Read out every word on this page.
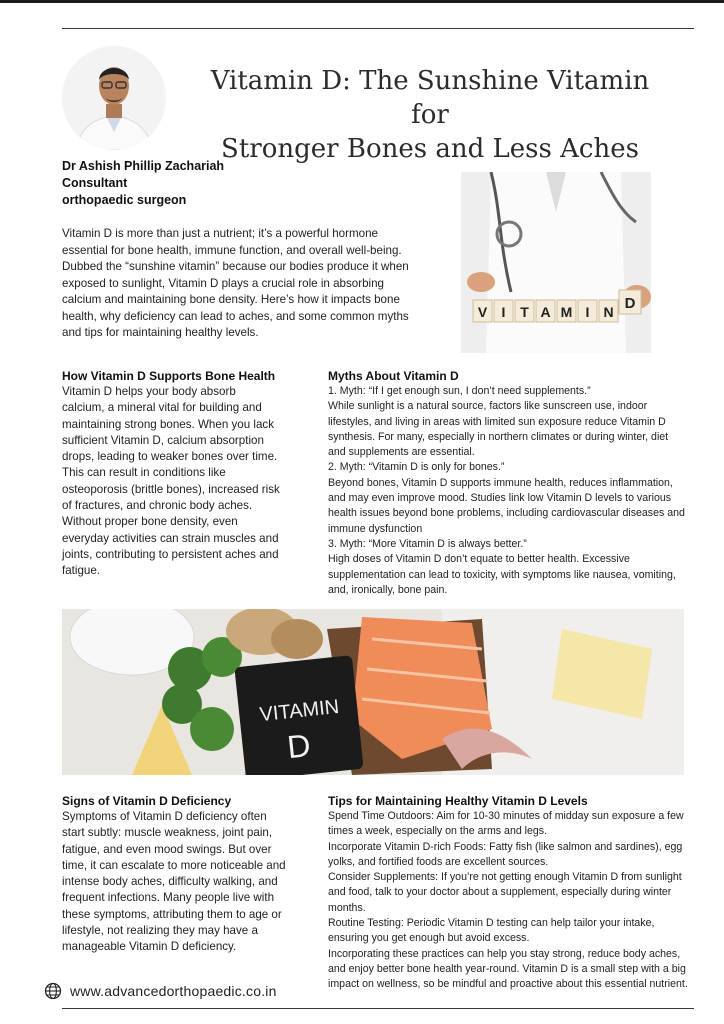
Vitamin D: The Sunshine Vitamin for
Stronger Bones and Less Aches
Dr Ashish Phillip Zachariah
Consultant
orthopaedic surgeon
Vitamin D is more than just a nutrient; it’s a powerful hormone essential for bone health, immune function, and overall well-being. Dubbed the “sunshine vitamin” because our bodies produce it when exposed to sunlight, Vitamin D plays a crucial role in absorbing calcium and maintaining bone density. Here’s how it impacts bone health, why deficiency can lead to aches, and some common myths and tips for maintaining healthy levels.
V I T A M I N D

How Vitamin D Supports Bone Health

Vitamin D helps your body absorb calcium, a mineral vital for building and maintaining strong bones. When you lack sufficient Vitamin D, calcium absorption drops, leading to weaker bones over time. This can result in conditions like osteoporosis (brittle bones), increased risk of fractures, and chronic body aches. Without proper bone density, even everyday activities can strain muscles and joints, contributing to persistent aches and fatigue.

Myths About Vitamin D

1. Myth: “If I get enough sun, I don’t need supplements.”

While sunlight is a natural source, factors like sunscreen use, indoor lifestyles, and living in areas with limited sun exposure reduce Vitamin D synthesis. For many, especially in northern climates or during winter, diet and supplements are essential.

2. Myth: “Vitamin D is only for bones.”

Beyond bones, Vitamin D supports immune health, reduces inflammation, and may even improve mood. Studies link low Vitamin D levels to various health issues beyond bone problems, including cardiovascular diseases and immune dysfunction

3. Myth: “More Vitamin D is always better.”

High doses of Vitamin D don’t equate to better health. Excessive supplementation can lead to toxicity, with symptoms like nausea, vomiting, and, ironically, bone pain.

VITAMIN
D

Signs of Vitamin D Deficiency

Symptoms of Vitamin D deficiency often start subtly: muscle weakness, joint pain, fatigue, and even mood swings. But over time, it can escalate to more noticeable and intense body aches, difficulty walking, and frequent infections. Many people live with these symptoms, attributing them to age or lifestyle, not realizing they may have a manageable Vitamin D deficiency.

Tips for Maintaining Healthy Vitamin D Levels

Spend Time Outdoors: Aim for 10-30 minutes of midday sun exposure a few times a week, especially on the arms and legs.

Incorporate Vitamin D-rich Foods: Fatty fish (like salmon and sardines), egg yolks, and fortified foods are excellent sources.

Consider Supplements: If you’re not getting enough Vitamin D from sunlight and food, talk to your doctor about a supplement, especially during winter months.

Routine Testing: Periodic Vitamin D testing can help tailor your intake, ensuring you get enough but avoid excess.

Incorporating these practices can help you stay strong, reduce body aches, and enjoy better bone health year-round. Vitamin D is a small step with a big impact on wellness, so be mindful and proactive about this essential nutrient.

www.advancedorthopaedic.co.in
